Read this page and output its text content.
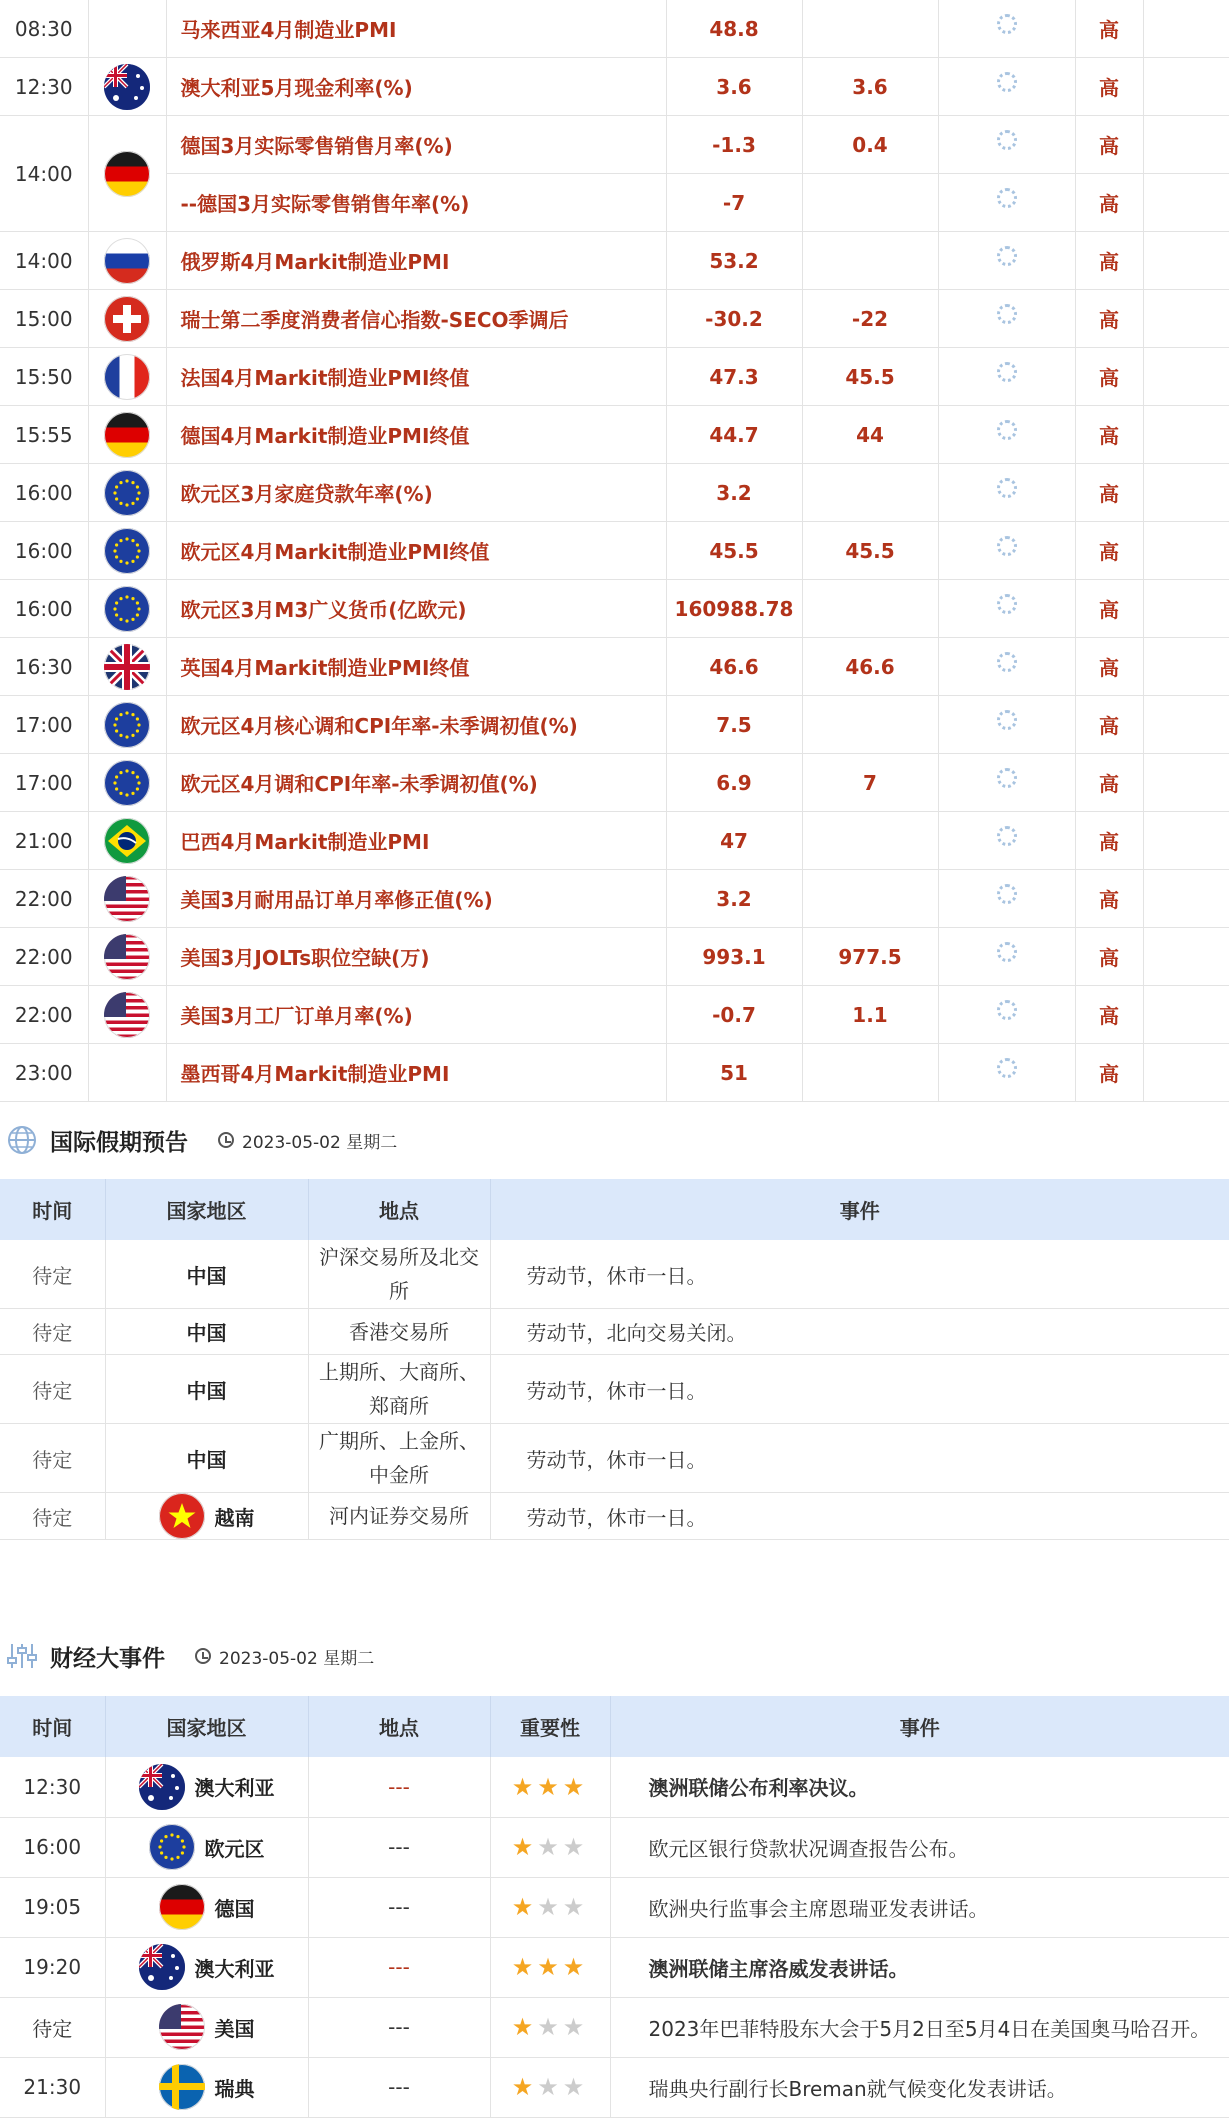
08:30		马来西亚4月制造业PMI	48.8			高	
12:30		澳大利亚5月现金利率(%)	3.6	3.6		高	
14:00		德国3月实际零售销售月率(%)	-1.3	0.4		高	
		--德国3月实际零售销售年率(%)	-7			高	
14:00		俄罗斯4月Markit制造业PMI	53.2			高	
15:00		瑞士第二季度消费者信心指数-SECO季调后	-30.2	-22		高	
15:50		法国4月Markit制造业PMI终值	47.3	45.5		高	
15:55		德国4月Markit制造业PMI终值	44.7	44		高	
16:00		欧元区3月家庭贷款年率(%)	3.2			高	
16:00		欧元区4月Markit制造业PMI终值	45.5	45.5		高	
16:00		欧元区3月M3广义货币(亿欧元)	160988.78			高	
16:30		英国4月Markit制造业PMI终值	46.6	46.6		高	
17:00		欧元区4月核心调和CPI年率-未季调初值(%)	7.5			高	
17:00		欧元区4月调和CPI年率-未季调初值(%)	6.9	7		高	
21:00		巴西4月Markit制造业PMI	47			高	
22:00		美国3月耐用品订单月率修正值(%)	3.2			高	
22:00		美国3月JOLTs职位空缺(万)	993.1	977.5		高	
22:00		美国3月工厂订单月率(%)	-0.7	1.1		高	
23:00		墨西哥4月Markit制造业PMI	51			高	
国际假期预告	2023-05-02 星期二
时间	国家地区	地点	事件
待定	中国	沪深交易所及北交所	劳动节，休市一日。
待定	中国	香港交易所	劳动节，北向交易关闭。
待定	中国	上期所、大商所、郑商所	劳动节，休市一日。
待定	中国	广期所、上金所、中金所	劳动节，休市一日。
待定	越南	河内证券交易所	劳动节，休市一日。
财经大事件	2023-05-02 星期二
时间	国家地区	地点	重要性	事件
12:30	澳大利亚	---	★★★	澳洲联储公布利率决议。
16:00	欧元区	---	★★★	欧元区银行贷款状况调查报告公布。
19:05	德国	---	★★★	欧洲央行监事会主席恩瑞亚发表讲话。
19:20	澳大利亚	---	★★★	澳洲联储主席洛威发表讲话。
待定	美国	---	★★★	2023年巴菲特股东大会于5月2日至5月4日在美国奥马哈召开。
21:30	瑞典	---	★★★	瑞典央行副行长Breman就气候变化发表讲话。
